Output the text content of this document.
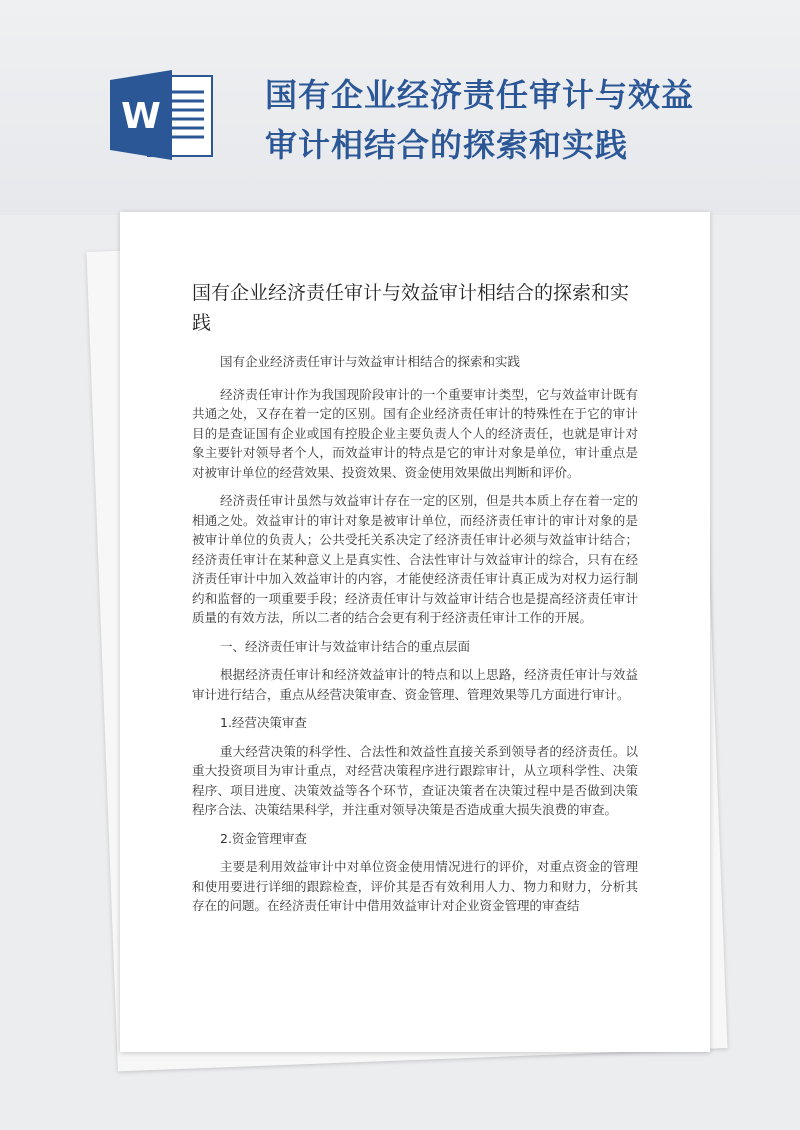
W
国有企业经济责任审计与效益审计相结合的探索和实践
国有企业经济责任审计与效益审计相结合的探索和实践

国有企业经济责任审计与效益审计相结合的探索和实践

经济责任审计作为我国现阶段审计的一个重要审计类型，它与效益审计既有共通之处，又存在着一定的区别。国有企业经济责任审计的特殊性在于它的审计目的是查证国有企业或国有控股企业主要负责人个人的经济责任，也就是审计对象主要针对领导者个人，而效益审计的特点是它的审计对象是单位，审计重点是对被审计单位的经营效果、投资效果、资金使用效果做出判断和评价。

经济责任审计虽然与效益审计存在一定的区别，但是共本质上存在着一定的相通之处。效益审计的审计对象是被审计单位，而经济责任审计的审计对象的是被审计单位的负责人；公共受托关系决定了经济责任审计必须与效益审计结合；经济责任审计在某种意义上是真实性、合法性审计与效益审计的综合，只有在经济责任审计中加入效益审计的内容，才能使经济责任审计真正成为对权力运行制约和监督的一项重要手段；经济责任审计与效益审计结合也是提高经济责任审计质量的有效方法，所以二者的结合会更有利于经济责任审计工作的开展。

一、经济责任审计与效益审计结合的重点层面

根据经济责任审计和经济效益审计的特点和以上思路，经济责任审计与效益审计进行结合，重点从经营决策审查、资金管理、管理效果等几方面进行审计。

1.经营决策审查

重大经营决策的科学性、合法性和效益性直接关系到领导者的经济责任。以重大投资项目为审计重点，对经营决策程序进行跟踪审计，从立项科学性、决策程序、项目进度、决策效益等各个环节，查证决策者在决策过程中是否做到决策程序合法、决策结果科学，并注重对领导决策是否造成重大损失浪费的审查。

2.资金管理审查

主要是利用效益审计中对单位资金使用情况进行的评价，对重点资金的管理和使用要进行详细的跟踪检查，评价其是否有效利用人力、物力和财力，分析其存在的问题。在经济责任审计中借用效益审计对企业资金管理的审查结
